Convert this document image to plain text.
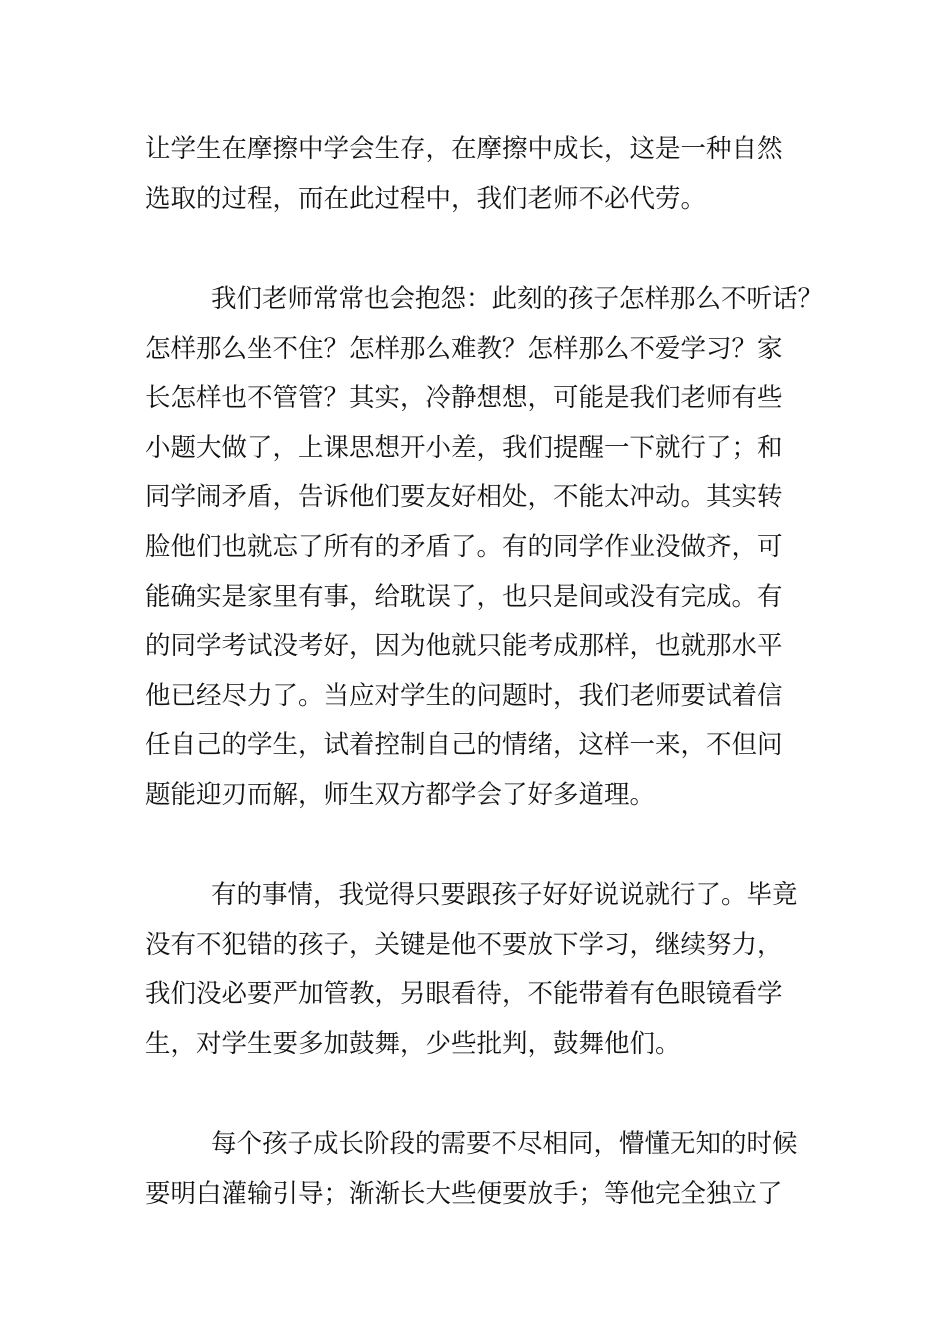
让学生在摩擦中学会生存，在摩擦中成长，这是一种自然
选取的过程，而在此过程中，我们老师不必代劳。

我们老师常常也会抱怨：此刻的孩子怎样那么不听话？
怎样那么坐不住？怎样那么难教？怎样那么不爱学习？家
长怎样也不管管？其实，冷静想想，可能是我们老师有些
小题大做了，上课思想开小差，我们提醒一下就行了；和
同学闹矛盾，告诉他们要友好相处，不能太冲动。其实转
脸他们也就忘了所有的矛盾了。有的同学作业没做齐，可
能确实是家里有事，给耽误了，也只是间或没有完成。有
的同学考试没考好，因为他就只能考成那样，也就那水平
他已经尽力了。当应对学生的问题时，我们老师要试着信
任自己的学生，试着控制自己的情绪，这样一来，不但问
题能迎刃而解，师生双方都学会了好多道理。

有的事情，我觉得只要跟孩子好好说说就行了。毕竟
没有不犯错的孩子，关键是他不要放下学习，继续努力，
我们没必要严加管教，另眼看待，不能带着有色眼镜看学
生，对学生要多加鼓舞，少些批判，鼓舞他们。

每个孩子成长阶段的需要不尽相同，懵懂无知的时候
要明白灌输引导；渐渐长大些便要放手；等他完全独立了
